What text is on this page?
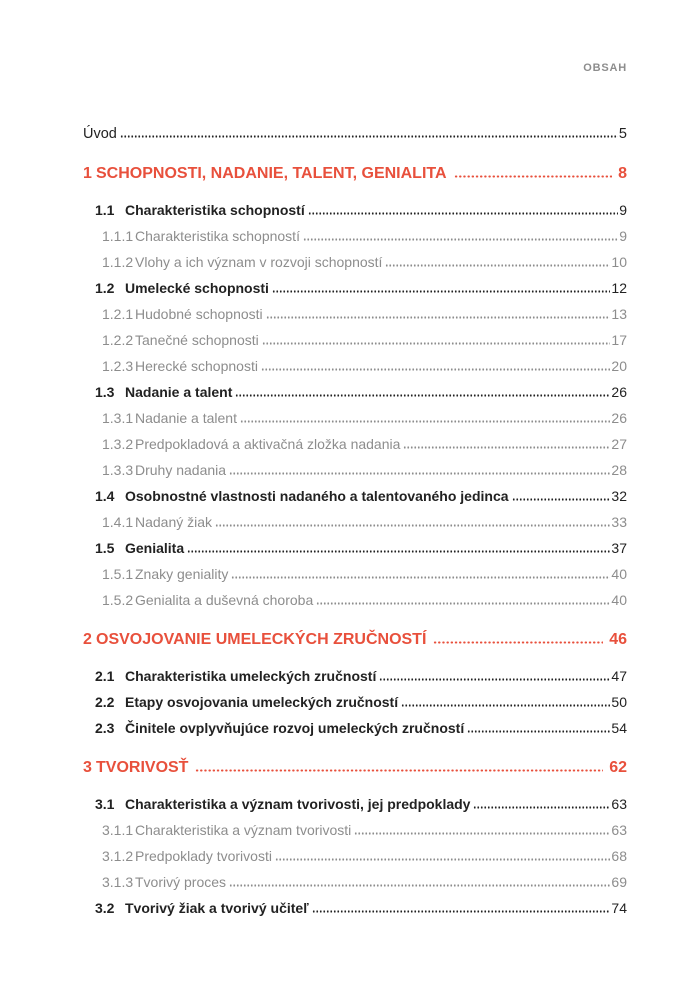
OBSAH
Úvod	5
1 SCHOPNOSTI, NADANIE, TALENT, GENIALITA	8
1.1 Charakteristika schopností	9
1.1.1 Charakteristika schopností	9
1.1.2 Vlohy a ich význam v rozvoji schopností	10
1.2 Umelecké schopnosti	12
1.2.1 Hudobné schopnosti	13
1.2.2 Tanečné schopnosti	17
1.2.3 Herecké schopnosti	20
1.3 Nadanie a talent	26
1.3.1 Nadanie a talent	26
1.3.2 Predpokladová a aktivačná zložka nadania	27
1.3.3 Druhy nadania	28
1.4 Osobnostné vlastnosti nadaného a talentovaného jedinca	32
1.4.1 Nadaný žiak	33
1.5 Genialita	37
1.5.1 Znaky geniality	40
1.5.2 Genialita a duševná choroba	40
2 OSVOJOVANIE UMELECKÝCH ZRUČNOSTÍ	46
2.1 Charakteristika umeleckých zručností	47
2.2 Etapy osvojovania umeleckých zručností	50
2.3 Činitele ovplyvňujúce rozvoj umeleckých zručností	54
3 TVORIVOSŤ	62
3.1 Charakteristika a význam tvorivosti, jej predpoklady	63
3.1.1 Charakteristika a význam tvorivosti	63
3.1.2 Predpoklady tvorivosti	68
3.1.3 Tvorivý proces	69
3.2 Tvorivý žiak a tvorivý učiteľ	74
